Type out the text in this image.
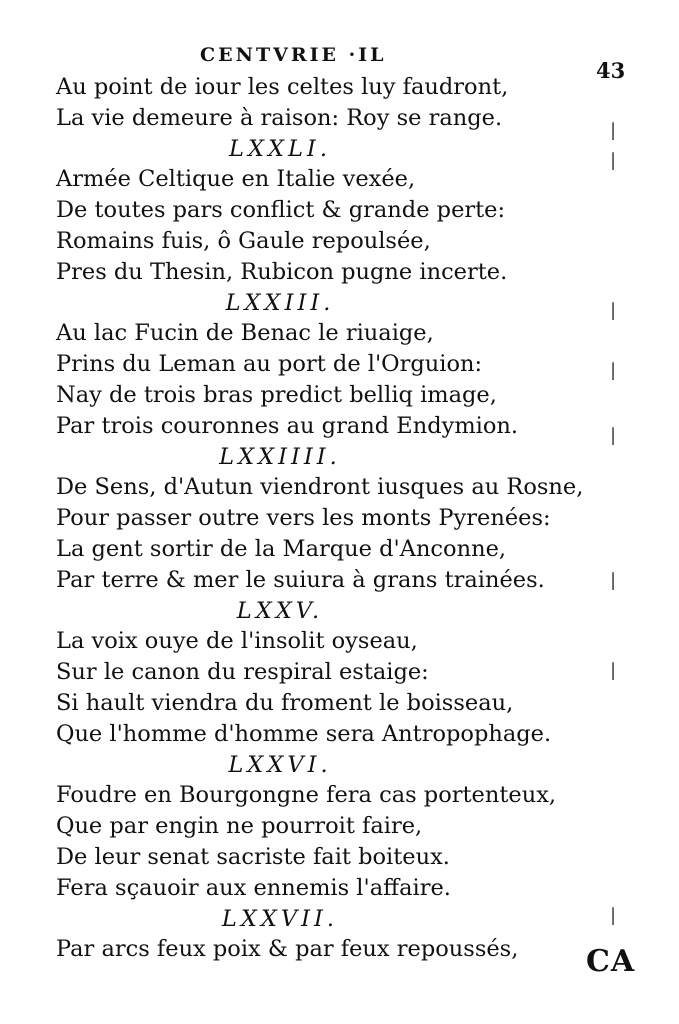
CENTVRIE ·IL
43
Au point de iour les celtes luy faudront,
La vie demeure à raison: Roy se range.
LXXLI.
Armée Celtique en Italie vexée,
De toutes pars conflict & grande perte:
Romains fuis, ô Gaule repoulsée,
Pres du Thesin, Rubicon pugne incerte.
LXXIII.
Au lac Fucin de Benac le riuaige,
Prins du Leman au port de l'Orguion:
Nay de trois bras predict belliq image,
Par trois couronnes au grand Endymion.
LXXIIII.
De Sens, d'Autun viendront iusques au Rosne,
Pour passer outre vers les monts Pyrenées:
La gent sortir de la Marque d'Anconne,
Par terre & mer le suiura à grans trainées.
LXXV.
La voix ouye de l'insolit oyseau,
Sur le canon du respiral estaige:
Si hault viendra du froment le boisseau,
Que l'homme d'homme sera Antropophage.
LXXVI.
Foudre en Bourgongne fera cas portenteux,
Que par engin ne pourroit faire,
De leur senat sacriste fait boiteux.
Fera sçauoir aux ennemis l'affaire.
LXXVII.
Par arcs feux poix & par feux repoussés,
|
|
|
|
|
|
|
|
CA
